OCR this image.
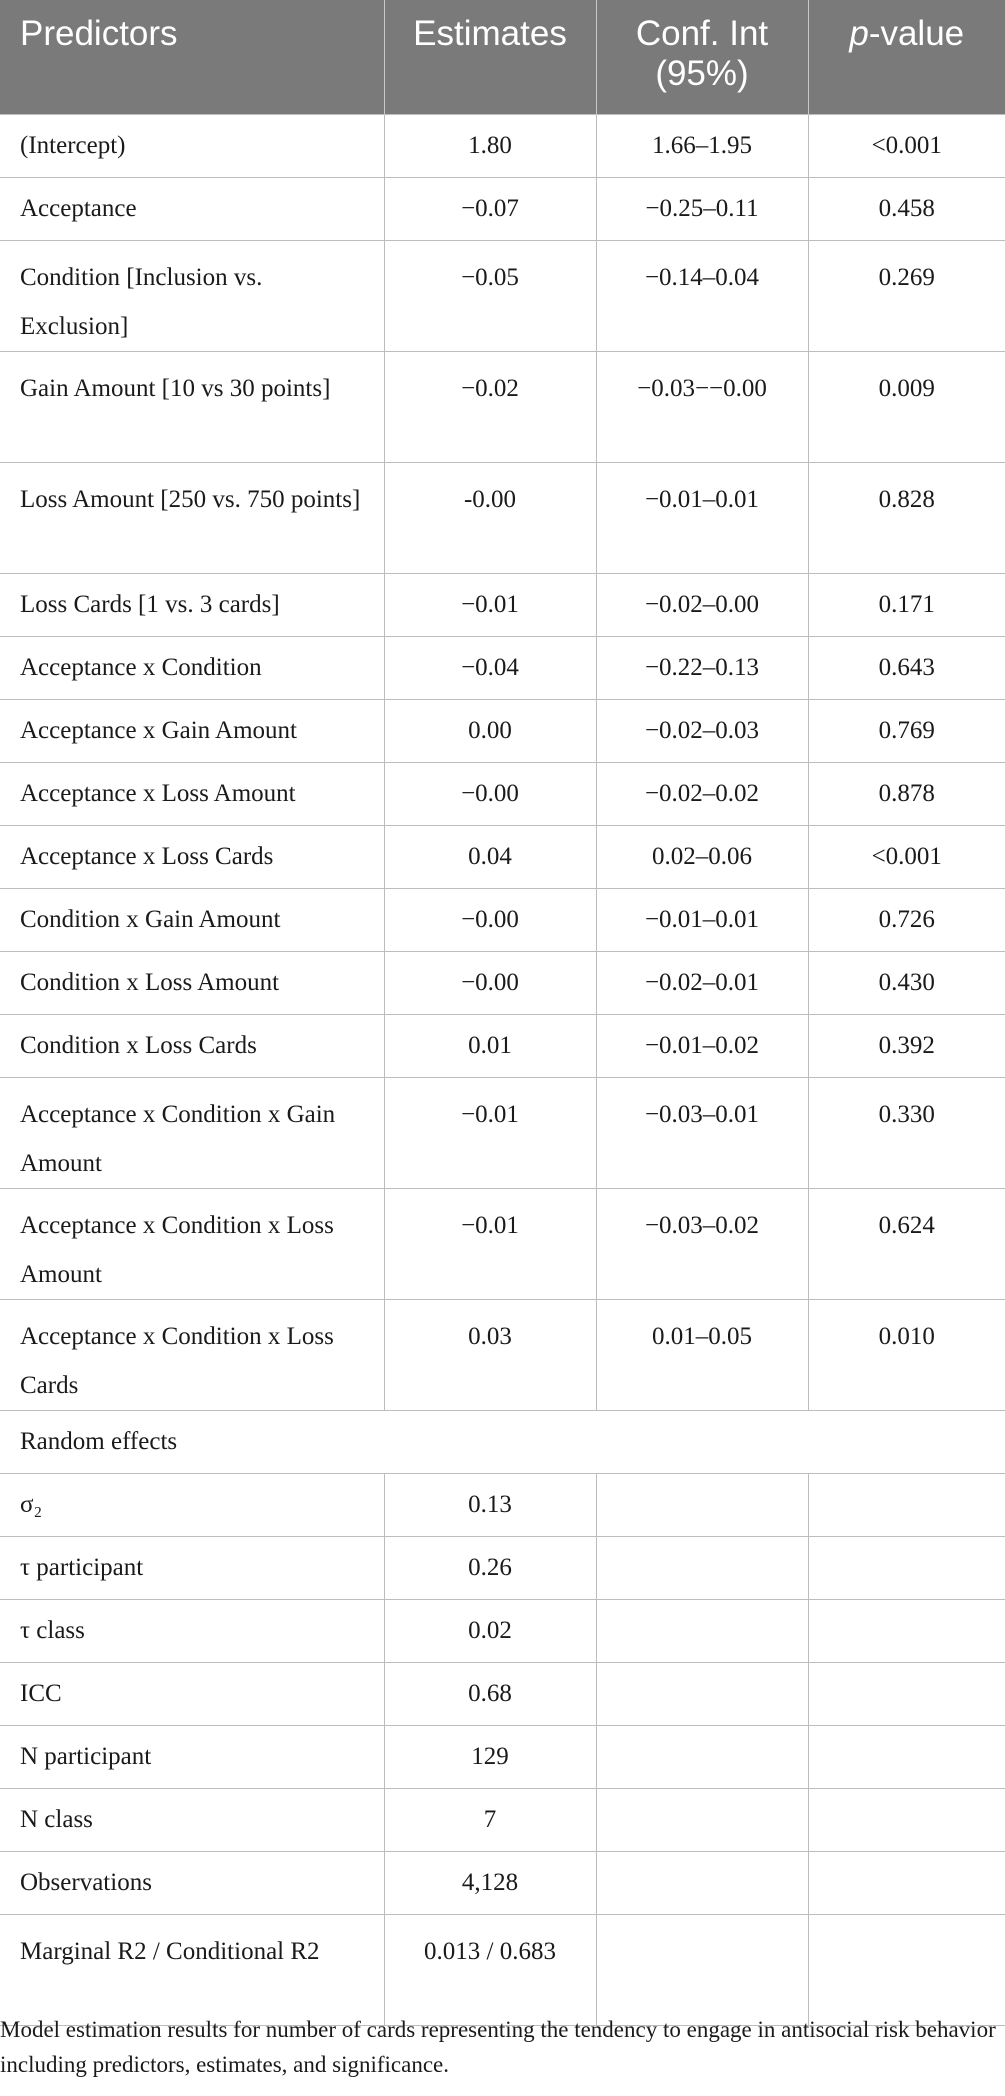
Predictors	Estimates	Conf. Int (95%)	p-value
(Intercept)	1.80	1.66–1.95	<0.001
Acceptance	−0.07	−0.25–0.11	0.458
Condition [Inclusion vs. Exclusion]	−0.05	−0.14–0.04	0.269
Gain Amount [10 vs 30 points]	−0.02	−0.03−−0.00	0.009
Loss Amount [250 vs. 750 points]	-0.00	−0.01–0.01	0.828
Loss Cards [1 vs. 3 cards]	−0.01	−0.02–0.00	0.171
Acceptance x Condition	−0.04	−0.22–0.13	0.643
Acceptance x Gain Amount	0.00	−0.02–0.03	0.769
Acceptance x Loss Amount	−0.00	−0.02–0.02	0.878
Acceptance x Loss Cards	0.04	0.02–0.06	<0.001
Condition x Gain Amount	−0.00	−0.01–0.01	0.726
Condition x Loss Amount	−0.00	−0.02–0.01	0.430
Condition x Loss Cards	0.01	−0.01–0.02	0.392
Acceptance x Condition x Gain Amount	−0.01	−0.03–0.01	0.330
Acceptance x Condition x Loss Amount	−0.01	−0.03–0.02	0.624
Acceptance x Condition x Loss Cards	0.03	0.01–0.05	0.010
Random effects			
σ₂	0.13		
τ participant	0.26		
τ class	0.02		
ICC	0.68		
N participant	129		
N class	7		
Observations	4,128		
Marginal R2 / Conditional R2	0.013 / 0.683		
Model estimation results for number of cards representing the tendency to engage in antisocial risk behavior including predictors, estimates, and significance.
